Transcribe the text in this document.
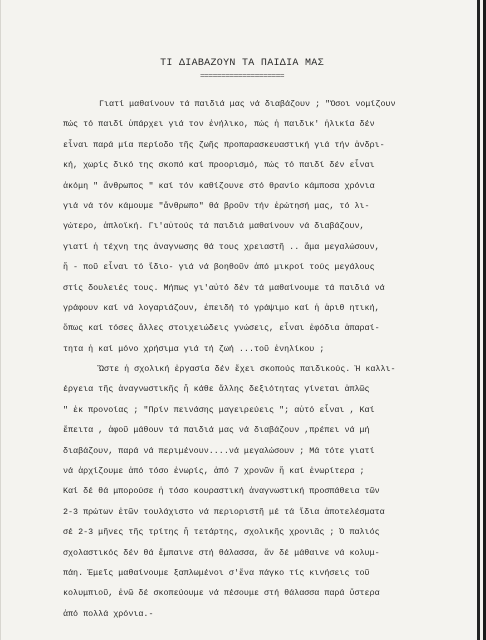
ΤΙ ΔΙΑΒΑΖΟΥΝ ΤΑ ΠΑΙΔΙΑ ΜΑΣ
====================
Γιατί μαθαίνουν τά παιδιά μας νά διαβάζουν ; "Όσοι νομίζουν
πώς τό παιδί ὑπάρχει γιά τον ἐνήλικο, πώς ἡ παιδικ' ἡλικία δέν
εἶναι παρά μία περίοδο τῆς ζωῆς προπαρασκευαστική γιά τήν ἀνδρι-
κή, χωρίς δικό της σκοπό καί προορισμό, πώς τό παιδί δέν εἶναι
ἀκόμη " ἄνθρωπος " καί τόν καθίζουνε στό θρανίο κάμποσα χρόνια
γιά νά τόν κάμουμε "ἄνθρωπο" θά βροῦν τήν ἐρώτησή μας, τό λι-
γώτερο, ἀπλοϊκή. Γι'αὐτούς τά παιδιά μαθαίνουν νά διαβάζουν,
γιατί ἡ τέχνη της ἀναγνωσης θά τους χρειαστῆ .. ἄμα μεγαλώσουν,
ἤ - ποῦ εἶναι τό ἴδιο- γιά νά βοηθοῦν ἀπό μικροί τούς μεγάλους
στίς δουλειές τους. Μήπως γι'αὐτό δέν τά μαθαίνουμε τά παιδιά νά
γράφουν καί νά λογαριάζουν, ἐπειδή τό γράψιμο καί ἡ ἀριθ ητική,
ὅπως καί τόσες ἄλλες στοιχειώδεις γνώσεις, εἶναι ἐφόδια ἀπαραί-
τητα ἡ καί μόνο χρήσιμα γιά τή ζωή ...τοῦ ἐνηλίκου ;
Ὥστε ἡ σχολική ἐργασία δέν ἔχει σκοπούς παιδικούς. Ἡ καλλι-
έργεια τῆς ἀναγνωστικῆς ἤ κάθε ἄλλης δεξιότητας γίνεται ἀπλῶς
" ἐκ προνοίας ; "Πρίν πεινάσης μαγειρεύεις "; αὐτό εἶναι , Καί
ἔπειτα , ἀφοῦ μάθουν τά παιδιά μας νά διαβάζουν ,πρέπει νά μή
διαβάζουν, παρά νά περιμένουν....νά μεγαλώσουν ; Μά τότε γιατί
νά ἀρχίζουμε ἀπό τόσο ἐνωρίς, ἀπό 7 χρονῶν ἤ καί ἐνωρίτερα ;
Καί δέ θά μπορούσε ἡ τόσο κουραστική ἀναγνωστική προσπάθεια τῶν
2-3 πρώτων ἐτῶν τουλάχιστο νά περιοριστῆ μέ τά ἴδια ἀποτελέσματα
σέ 2-3 μῆνες τῆς τρίτης ἤ τετάρτης, σχολικῆς χρονιᾶς ; Ὁ παλιός
σχολαστικός δέν θά ἔμπαινε στή θάλασσα, ἄν δέ μάθαινε νά κολυμ-
πάη. Ἐμεῖς μαθαίνουμε ξαπλωμένοι σ'ἕνα πάγκο τίς κινήσεις τοῦ
κολυμπιοῦ, ἐνῶ δέ σκοπεύουμε νά πέσουμε στή θάλασσα παρά ὕστερα
ἀπό πολλά χρόνια.-
